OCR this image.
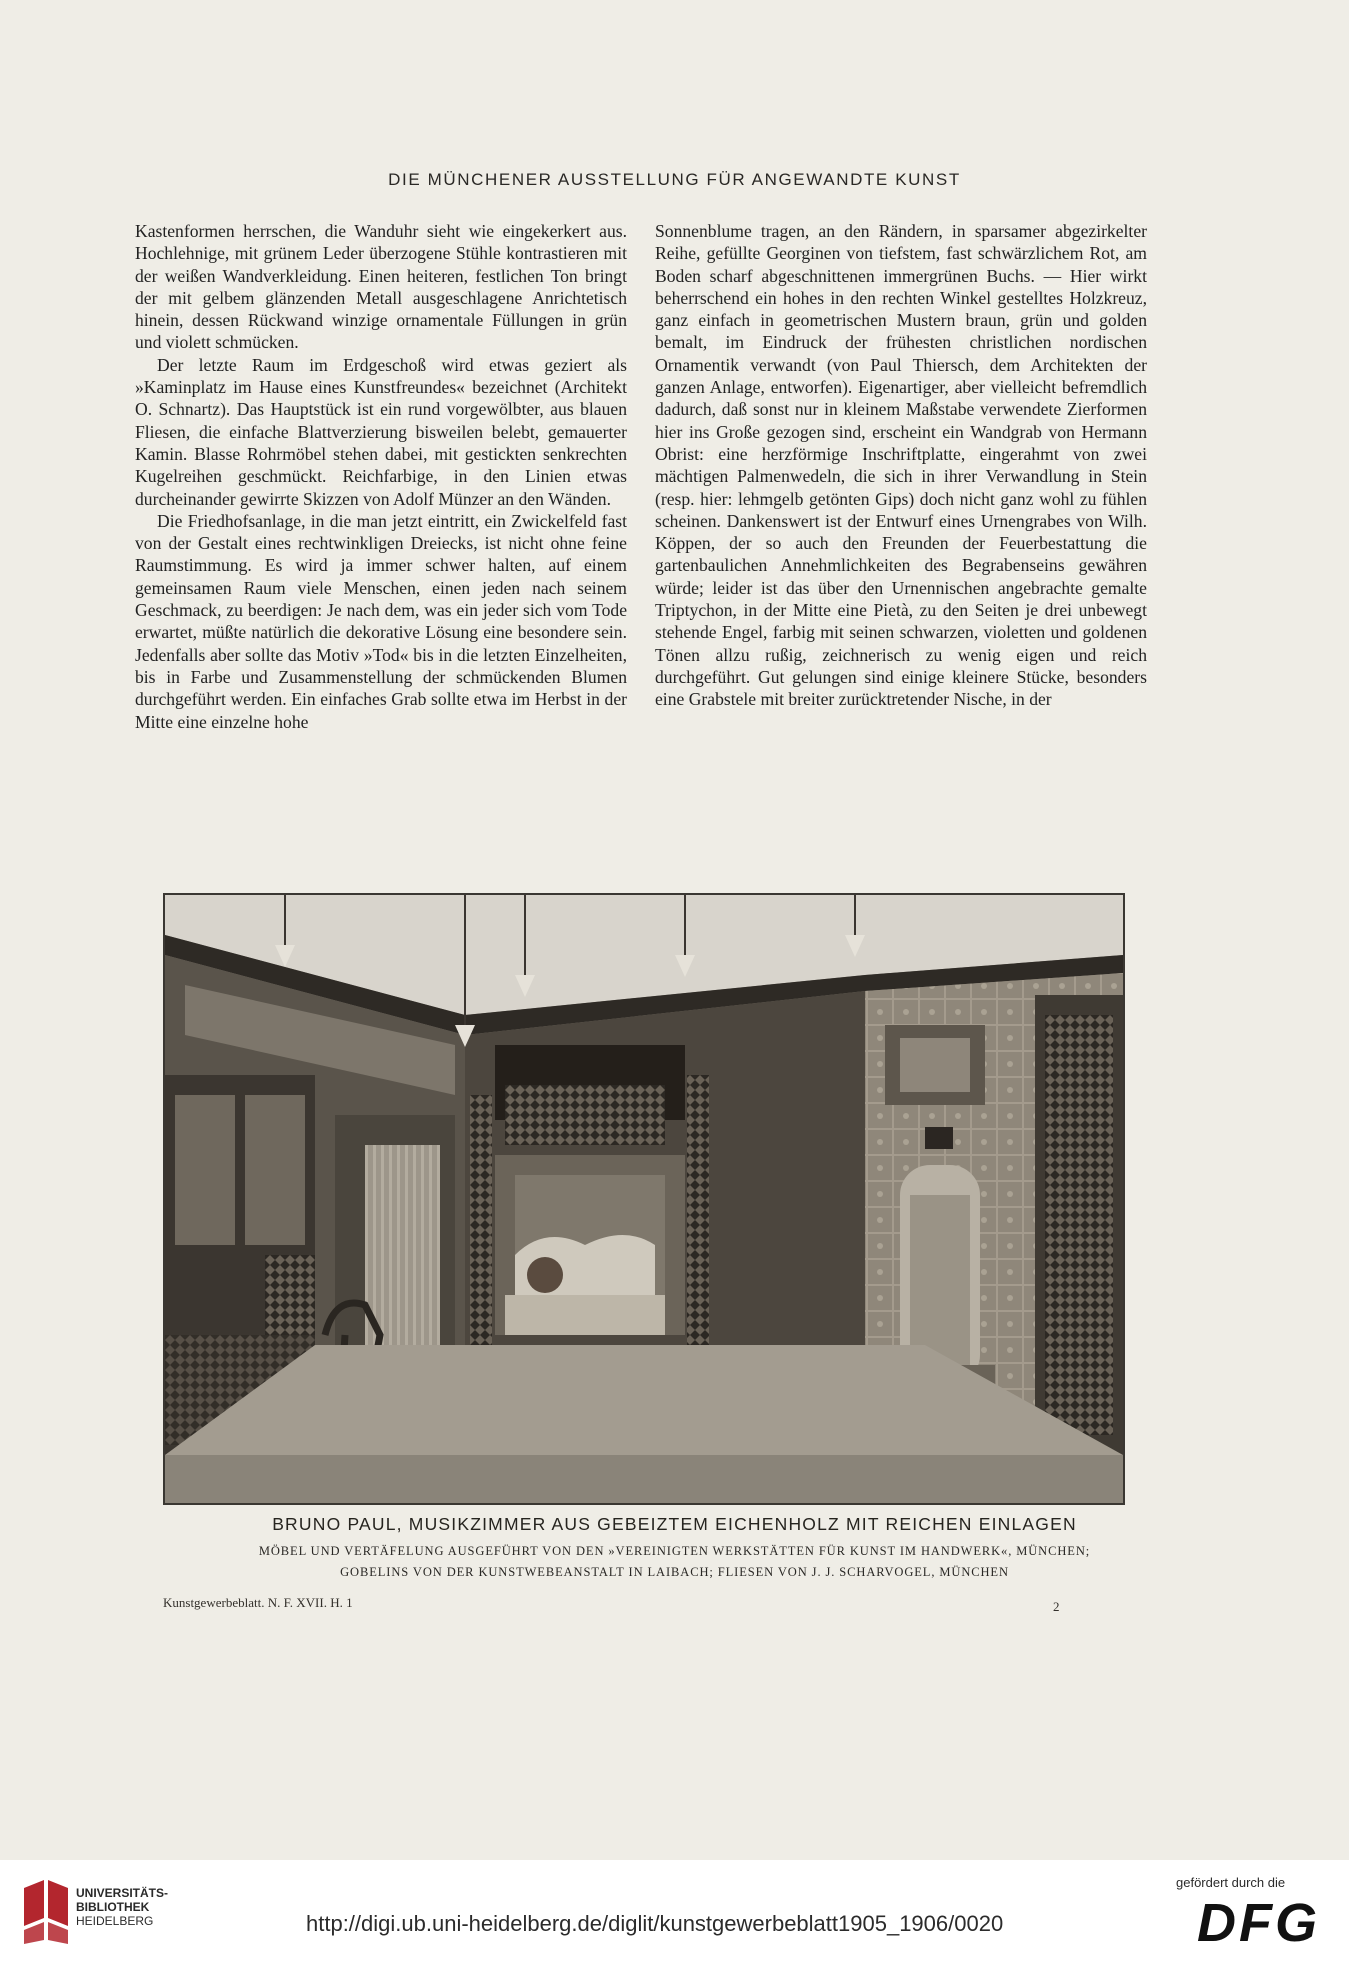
DIE MÜNCHENER AUSSTELLUNG FÜR ANGEWANDTE KUNST

Kastenformen herrschen, die Wanduhr sieht wie eingekerkert aus. Hochlehnige, mit grünem Leder überzogene Stühle kontrastieren mit der weißen Wandverkleidung. Einen heiteren, festlichen Ton bringt der mit gelbem glänzenden Metall ausgeschlagene Anrichtetisch hinein, dessen Rückwand winzige ornamentale Füllungen in grün und violett schmücken.

Der letzte Raum im Erdgeschoß wird etwas geziert als »Kaminplatz im Hause eines Kunstfreundes« bezeichnet (Architekt O. Schnartz). Das Hauptstück ist ein rund vorgewölbter, aus blauen Fliesen, die einfache Blattverzierung bisweilen belebt, gemauerter Kamin. Blasse Rohrmöbel stehen dabei, mit gestickten senkrechten Kugelreihen geschmückt. Reichfarbige, in den Linien etwas durcheinander gewirrte Skizzen von Adolf Münzer an den Wänden.

Die Friedhofsanlage, in die man jetzt eintritt, ein Zwickelfeld fast von der Gestalt eines rechtwinkligen Dreiecks, ist nicht ohne feine Raumstimmung. Es wird ja immer schwer halten, auf einem gemeinsamen Raum viele Menschen, einen jeden nach seinem Geschmack, zu beerdigen: Je nach dem, was ein jeder sich vom Tode erwartet, müßte natürlich die dekorative Lösung eine besondere sein. Jedenfalls aber sollte das Motiv »Tod« bis in die letzten Einzelheiten, bis in Farbe und Zusammenstellung der schmückenden Blumen durchgeführt werden. Ein einfaches Grab sollte etwa im Herbst in der Mitte eine einzelne hohe

Sonnenblume tragen, an den Rändern, in sparsamer abgezirkelter Reihe, gefüllte Georginen von tiefstem, fast schwärzlichem Rot, am Boden scharf abgeschnittenen immergrünen Buchs. — Hier wirkt beherrschend ein hohes in den rechten Winkel gestelltes Holzkreuz, ganz einfach in geometrischen Mustern braun, grün und golden bemalt, im Eindruck der frühesten christlichen nordischen Ornamentik verwandt (von Paul Thiersch, dem Architekten der ganzen Anlage, entworfen). Eigenartiger, aber vielleicht befremdlich dadurch, daß sonst nur in kleinem Maßstabe verwendete Zierformen hier ins Große gezogen sind, erscheint ein Wandgrab von Hermann Obrist: eine herzförmige Inschriftplatte, eingerahmt von zwei mächtigen Palmenwedeln, die sich in ihrer Verwandlung in Stein (resp. hier: lehmgelb getönten Gips) doch nicht ganz wohl zu fühlen scheinen. Dankenswert ist der Entwurf eines Urnengrabes von Wilh. Köppen, der so auch den Freunden der Feuerbestattung die gartenbaulichen Annehmlichkeiten des Begrabenseins gewähren würde; leider ist das über den Urnennischen angebrachte gemalte Triptychon, in der Mitte eine Pietà, zu den Seiten je drei unbewegt stehende Engel, farbig mit seinen schwarzen, violetten und goldenen Tönen allzu rußig, zeichnerisch zu wenig eigen und reich durchgeführt. Gut gelungen sind einige kleinere Stücke, besonders eine Grabstele mit breiter zurücktretender Nische, in der

BRUNO PAUL, MUSIKZIMMER AUS GEBEIZTEM EICHENHOLZ MIT REICHEN EINLAGEN
MÖBEL UND VERTÄFELUNG AUSGEFÜHRT VON DEN »VEREINIGTEN WERKSTÄTTEN FÜR KUNST IM HANDWERK«, MÜNCHEN;
GOBELINS VON DER KUNSTWEBEANSTALT IN LAIBACH; FLIESEN VON J. J. SCHARVOGEL, MÜNCHEN
Kunstgewerbeblatt. N. F. XVII. H. 1	2
UNIVERSITÄTS-
BIBLIOTHEK
HEIDELBERG	http://digi.ub.uni-heidelberg.de/diglit/kunstgewerbeblatt1905_1906/0020
gefördert durch die
DFG
